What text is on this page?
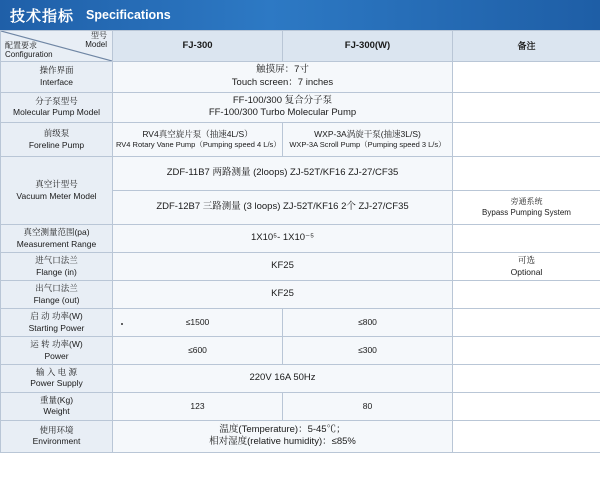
技术指标 Specifications
型号
Model
配置要求
Configuration	FJ-300	FJ-300(W)	备注

操作界面
Interface	触摸屏：7寸
Touch screen：7 inches		

分子泵型号
Molecular Pump Model	FF-100/300 复合分子泵
FF-100/300 Turbo Molecular Pump		

前级泵
Foreline Pump	RV4真空旋片泵（抽速4L/S）
RV4 Rotary Vane Pump（Pumping speed 4 L/s）	WXP-3A涡旋干泵(抽速3L/S)
WXP-3A Scroll Pump（Pumping speed 3 L/s）	

真空计型号
Vacuum Meter Model	ZDF-11B7 两路测量 (2loops) ZJ-52T/KF16 ZJ-27/CF35		

	ZDF-12B7 三路测量 (3 loops) ZJ-52T/KF16 2个 ZJ-27/CF35		旁通系统
Bypass Pumping System

真空测量范围(pa)
Measurement Range	1X10⁵- 1X10⁻⁵		

进气口法兰
Flange (in)	KF25		可选
Optional

出气口法兰
Flange (out)	KF25		

启 动 功率(W)
Starting Power	≤1500	≤800	

运 转 功率(W)
Power	≤600	≤300	

输 入 电 源
Power Supply	220V 16A 50Hz		

重量(Kg)
Weight	123	80	

使用环境
Environment	温度(Temperature)：5-45℃；
相对湿度(relative humidity)：≤85%		
